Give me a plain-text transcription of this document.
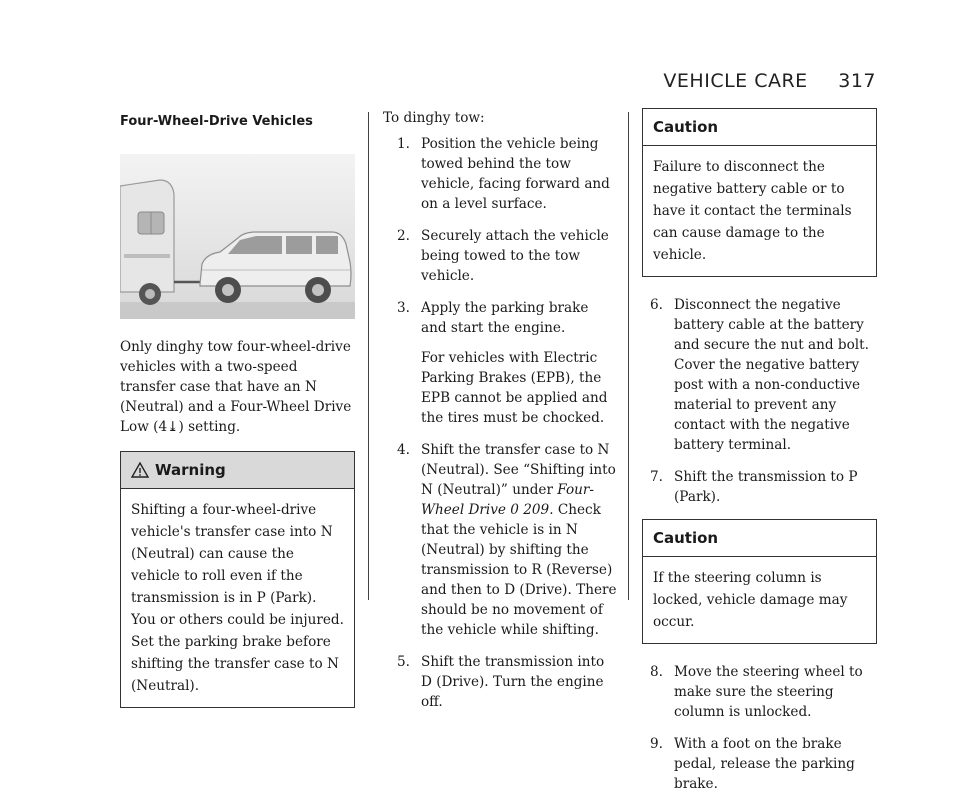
VEHICLE CARE 317
Four-Wheel-Drive Vehicles

Only dinghy tow four-wheel-drive vehicles with a two-speed transfer case that have an N (Neutral) and a Four-Wheel Drive Low (4⤓) setting.

Warning
Shifting a four-wheel-drive vehicle's transfer case into N (Neutral) can cause the vehicle to roll even if the transmission is in P (Park). You or others could be injured. Set the parking brake before shifting the transfer case to N (Neutral).

To dinghy tow:

1. Position the vehicle being towed behind the tow vehicle, facing forward and on a level surface.
2. Securely attach the vehicle being towed to the tow vehicle.
3. Apply the parking brake and start the engine.

For vehicles with Electric Parking Brakes (EPB), the EPB cannot be applied and the tires must be chocked.

4. Shift the transfer case to N (Neutral). See “Shifting into N (Neutral)” under Four-Wheel Drive 0 209. Check that the vehicle is in N (Neutral) by shifting the transmission to R (Reverse) and then to D (Drive). There should be no movement of the vehicle while shifting.
5. Shift the transmission into D (Drive). Turn the engine off.
Caution
Failure to disconnect the negative battery cable or to have it contact the terminals can cause damage to the vehicle.
6. Disconnect the negative battery cable at the battery and secure the nut and bolt. Cover the negative battery post with a non-conductive material to prevent any contact with the negative battery terminal.
7. Shift the transmission to P (Park).
Caution
If the steering column is locked, vehicle damage may occur.
8. Move the steering wheel to make sure the steering column is unlocked.
9. With a foot on the brake pedal, release the parking brake.
